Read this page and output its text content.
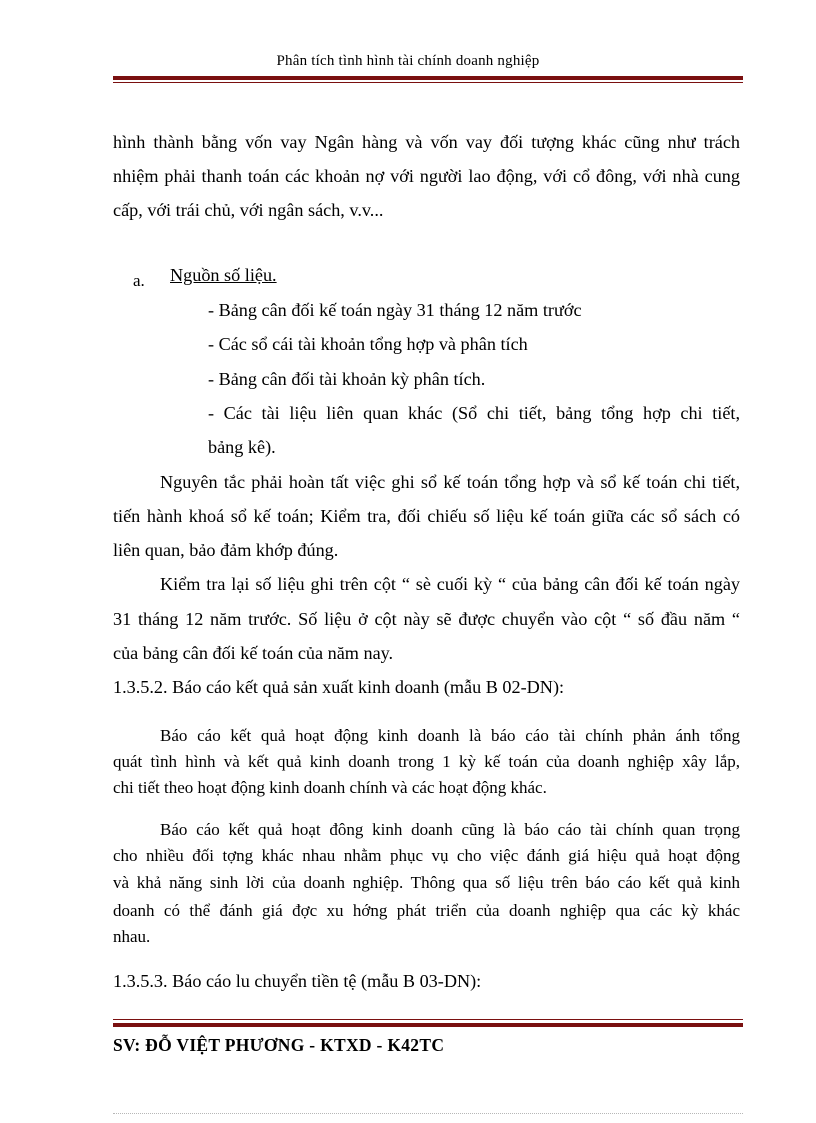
Phân tích tình hình tài chính doanh nghiệp

hình thành bằng vốn vay Ngân hàng và vốn vay đối tượng khác cũng như trách

nhiệm phải thanh toán các khoản nợ với người lao động, với cổ đông, với nhà cung

cấp, với trái chủ, với ngân sách, v.v...

a. Nguồn số liệu.

- Bảng cân đối kế toán ngày 31 tháng 12 năm trước

- Các sổ cái tài khoản tổng hợp và phân tích

- Bảng cân đối tài khoản kỳ phân tích.

- Các tài liệu liên quan khác (Sổ chi tiết, bảng tổng hợp chi tiết,

bảng kê).

Nguyên tắc phải hoàn tất việc ghi sổ kế toán tổng hợp và sổ kế toán chi tiết,

tiến hành khoá sổ kế toán; Kiểm tra, đối chiếu số liệu kế toán giữa các sổ sách có

liên quan, bảo đảm khớp đúng.

Kiểm tra lại số liệu ghi trên cột “ sè cuối kỳ “ của bảng cân đối kế toán ngày

31 tháng 12 năm trước. Số liệu ở cột này sẽ được chuyển vào cột “ số đầu năm “

của bảng cân đối kế toán của năm nay.

1.3.5.2. Báo cáo kết quả sản xuất kinh doanh (mẫu B 02-DN):

Báo cáo kết quả hoạt động kinh doanh là báo cáo tài chính phản ánh tổng

quát tình hình và kết quả kinh doanh trong 1 kỳ kế toán của doanh nghiệp xây lắp,

chi tiết theo hoạt động kinh doanh chính và các hoạt động khác.

Báo cáo kết quả hoạt đông kinh doanh cũng là báo cáo tài chính quan trọng

cho nhiều đối tợng khác nhau nhằm phục vụ cho việc đánh giá hiệu quả hoạt động

và khả năng sinh lời của doanh nghiệp. Thông qua số liệu trên báo cáo kết quả kinh

doanh có thể đánh giá đợc xu hớng phát triển của doanh nghiệp qua các kỳ khác

nhau.

1.3.5.3. Báo cáo lu chuyển tiền tệ (mẫu B 03-DN):

SV: ĐỖ VIỆT PHƯƠNG - KTXD - K42TC
